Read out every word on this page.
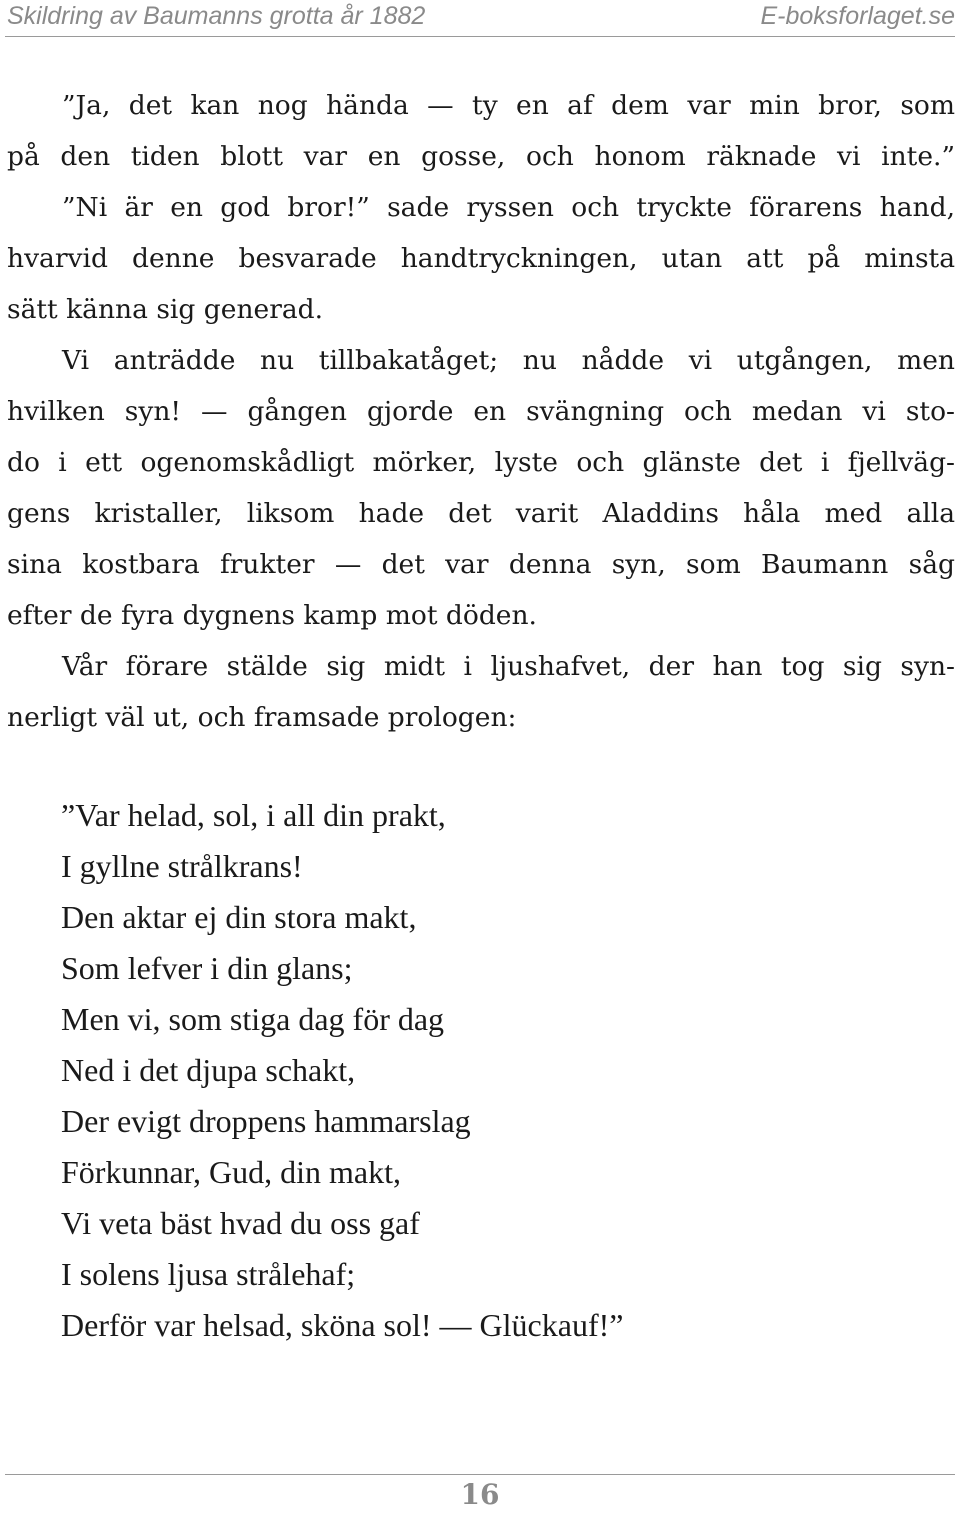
Skildring av Baumanns grotta år 1882	E-boksforlaget.se
”Ja, det kan nog hända — ty en af dem var min bror, som
på den tiden blott var en gosse, och honom räknade vi inte.”
”Ni är en god bror!” sade ryssen och tryckte förarens hand,
hvarvid denne besvarade handtryckningen, utan att på minsta
sätt känna sig generad.
Vi anträdde nu tillbakatåget; nu nådde vi utgången, men
hvilken syn! — gången gjorde en svängning och medan vi sto-
do i ett ogenomskådligt mörker, lyste och glänste det i fjellväg-
gens kristaller, liksom hade det varit Aladdins håla med alla
sina kostbara frukter — det var denna syn, som Baumann såg
efter de fyra dygnens kamp mot döden.
Vår förare stälde sig midt i ljushafvet, der han tog sig syn-
nerligt väl ut, och framsade prologen:
”Var helad, sol, i all din prakt,
I gyllne strålkrans!
Den aktar ej din stora makt,
Som lefver i din glans;
Men vi, som stiga dag för dag
Ned i det djupa schakt,
Der evigt droppens hammarslag
Förkunnar, Gud, din makt,
Vi veta bäst hvad du oss gaf
I solens ljusa strålehaf;
Derför var helsad, sköna sol! — Glückauf!”
16
